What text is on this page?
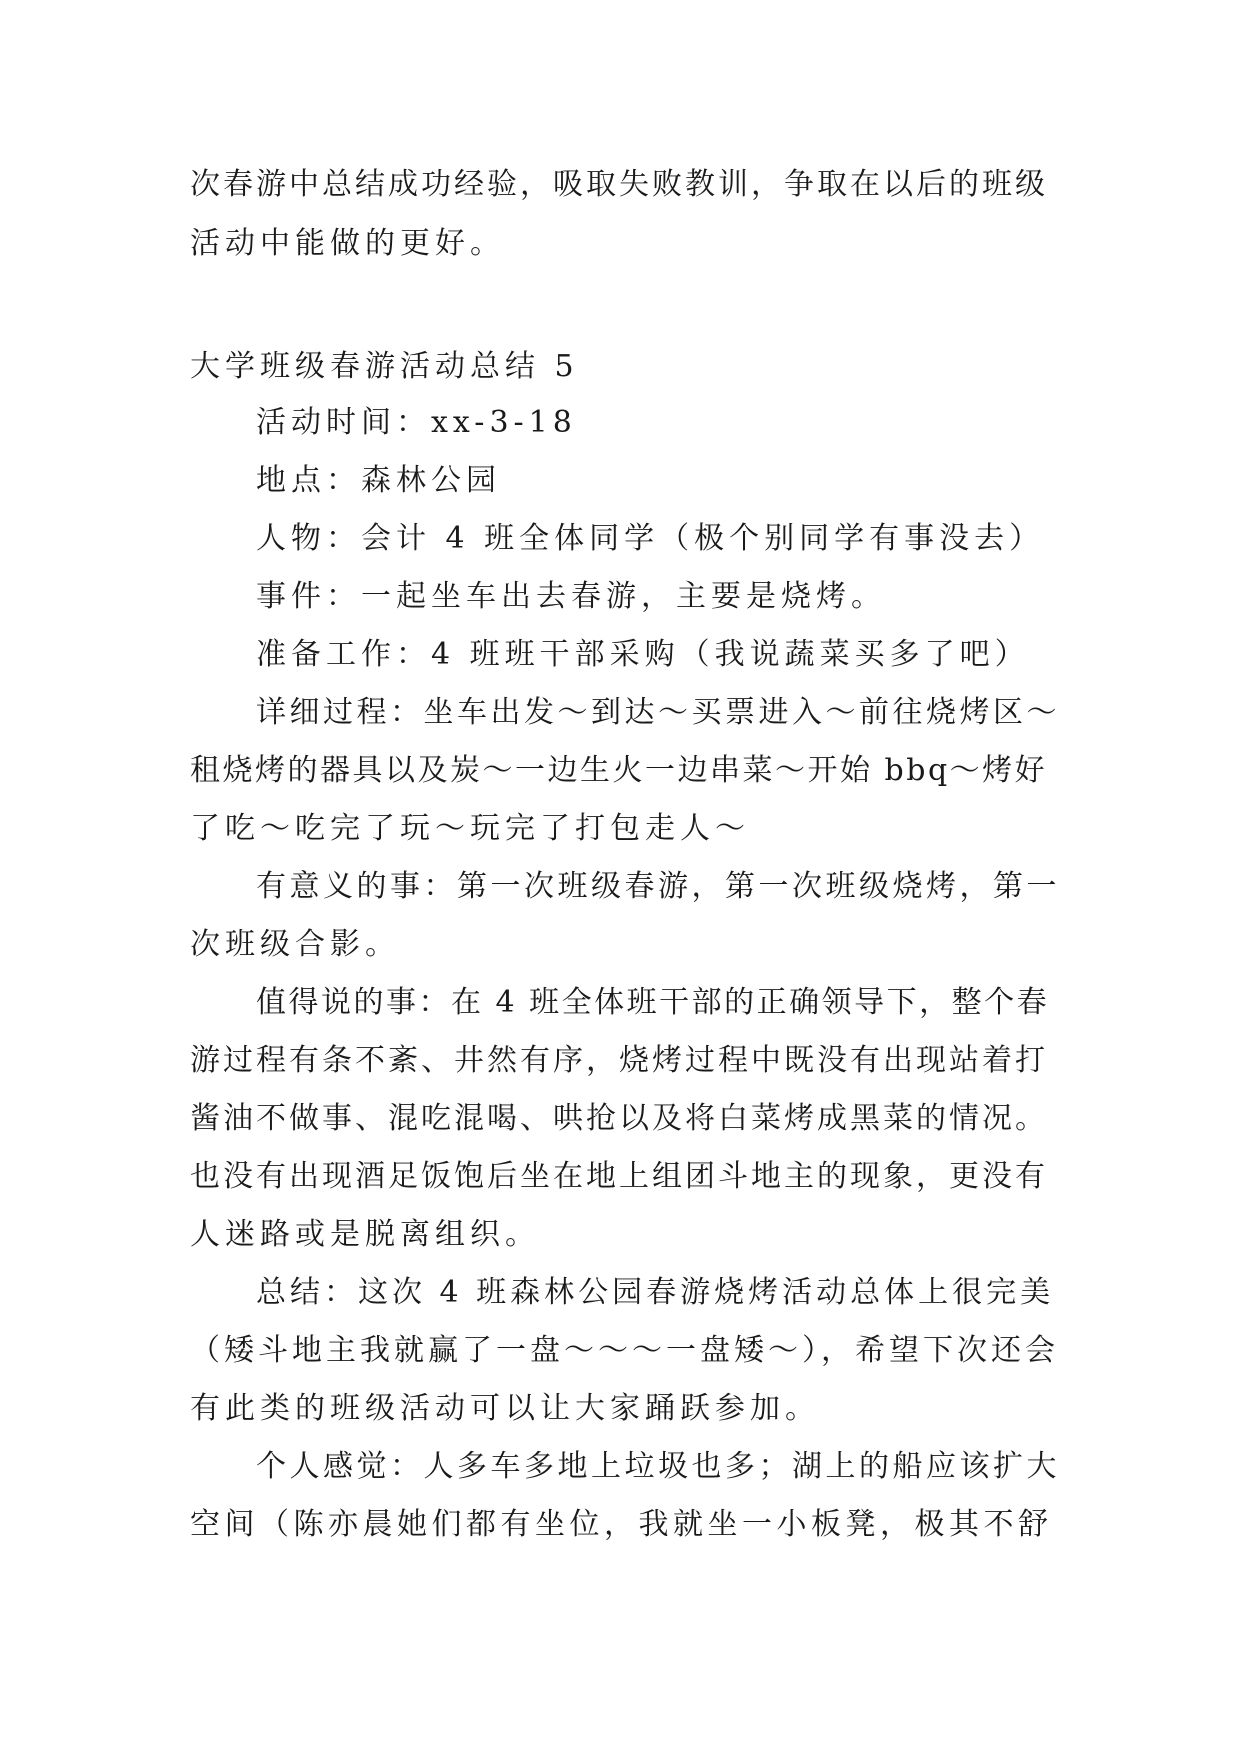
次春游中总结成功经验，吸取失败教训，争取在以后的班级
活动中能做的更好。
大学班级春游活动总结 5
活动时间：xx-3-18
地点：森林公园
人物：会计 4 班全体同学（极个别同学有事没去）
事件：一起坐车出去春游，主要是烧烤。
准备工作：4 班班干部采购（我说蔬菜买多了吧）
详细过程：坐车出发～到达～买票进入～前往烧烤区～
租烧烤的器具以及炭～一边生火一边串菜～开始 bbq～烤好
了吃～吃完了玩～玩完了打包走人～
有意义的事：第一次班级春游，第一次班级烧烤，第一
次班级合影。
值得说的事：在 4 班全体班干部的正确领导下，整个春
游过程有条不紊、井然有序，烧烤过程中既没有出现站着打
酱油不做事、混吃混喝、哄抢以及将白菜烤成黑菜的情况。
也没有出现酒足饭饱后坐在地上组团斗地主的现象，更没有
人迷路或是脱离组织。
总结：这次 4 班森林公园春游烧烤活动总体上很完美
（矮斗地主我就赢了一盘～～～一盘矮～），希望下次还会
有此类的班级活动可以让大家踊跃参加。
个人感觉：人多车多地上垃圾也多；湖上的船应该扩大
空间（陈亦晨她们都有坐位，我就坐一小板凳，极其不舒
